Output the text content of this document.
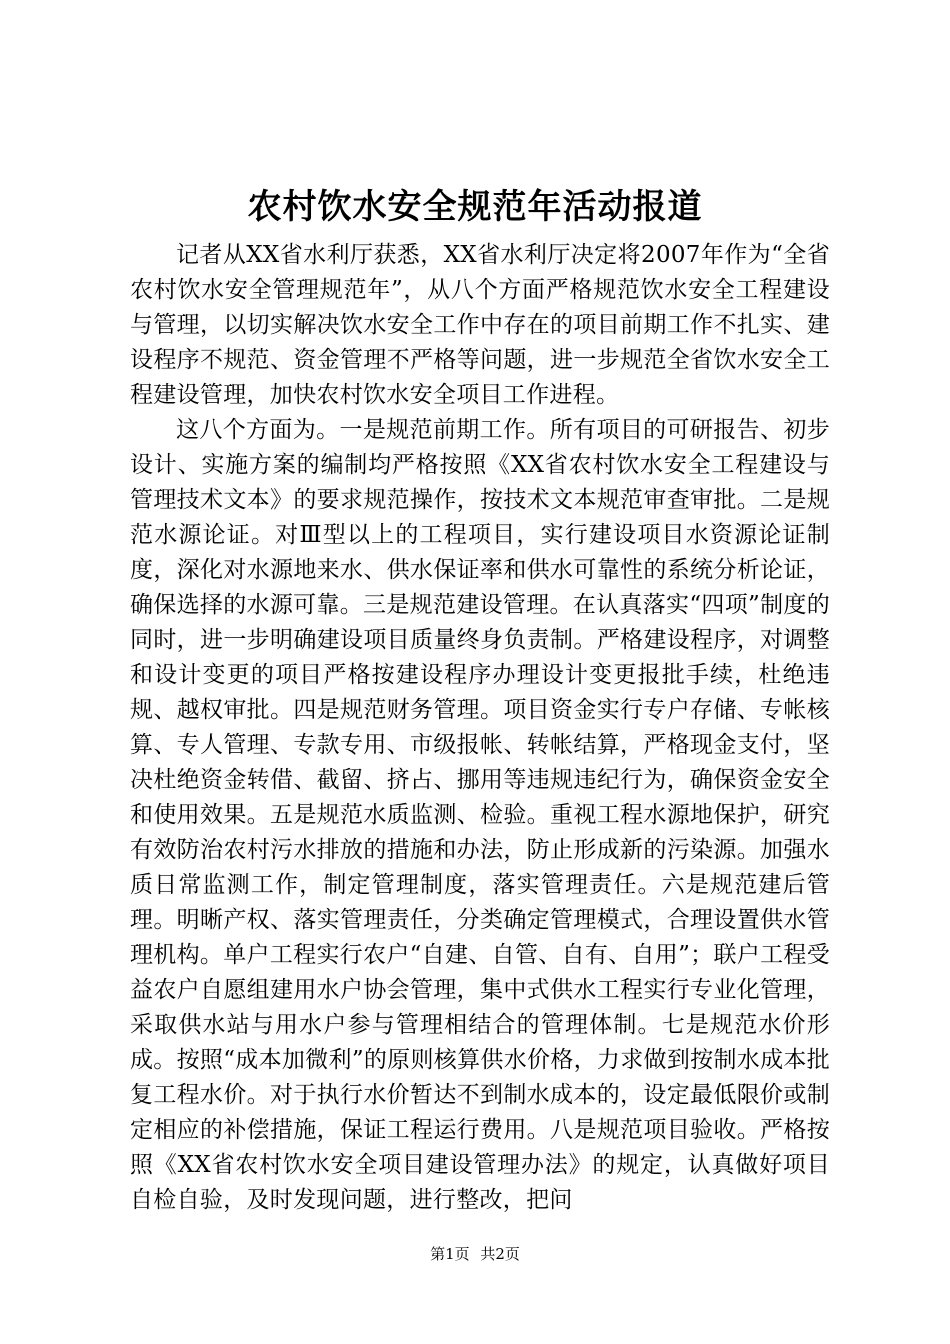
农村饮水安全规范年活动报道

记者从XX省水利厅获悉，XX省水利厅决定将2007年作为“全省农村饮水安全管理规范年”，从八个方面严格规范饮水安全工程建设与管理，以切实解决饮水安全工作中存在的项目前期工作不扎实、建设程序不规范、资金管理不严格等问题，进一步规范全省饮水安全工程建设管理，加快农村饮水安全项目工作进程。

这八个方面为。一是规范前期工作。所有项目的可研报告、初步设计、实施方案的编制均严格按照《XX省农村饮水安全工程建设与管理技术文本》的要求规范操作，按技术文本规范审查审批。二是规范水源论证。对Ⅲ型以上的工程项目，实行建设项目水资源论证制度，深化对水源地来水、供水保证率和供水可靠性的系统分析论证，确保选择的水源可靠。三是规范建设管理。在认真落实“四项”制度的同时，进一步明确建设项目质量终身负责制。严格建设程序，对调整和设计变更的项目严格按建设程序办理设计变更报批手续，杜绝违规、越权审批。四是规范财务管理。项目资金实行专户存储、专帐核算、专人管理、专款专用、市级报帐、转帐结算，严格现金支付，坚决杜绝资金转借、截留、挤占、挪用等违规违纪行为，确保资金安全和使用效果。五是规范水质监测、检验。重视工程水源地保护，研究有效防治农村污水排放的措施和办法，防止形成新的污染源。加强水质日常监测工作，制定管理制度，落实管理责任。六是规范建后管理。明晰产权、落实管理责任，分类确定管理模式，合理设置供水管理机构。单户工程实行农户“自建、自管、自有、自用”；联户工程受益农户自愿组建用水户协会管理，集中式供水工程实行专业化管理，采取供水站与用水户参与管理相结合的管理体制。七是规范水价形成。按照“成本加微利”的原则核算供水价格，力求做到按制水成本批复工程水价。对于执行水价暂达不到制水成本的，设定最低限价或制定相应的补偿措施，保证工程运行费用。八是规范项目验收。严格按照《XX省农村饮水安全项目建设管理办法》的规定，认真做好项目自检自验，及时发现问题，进行整改，把问

第1页 共2页
